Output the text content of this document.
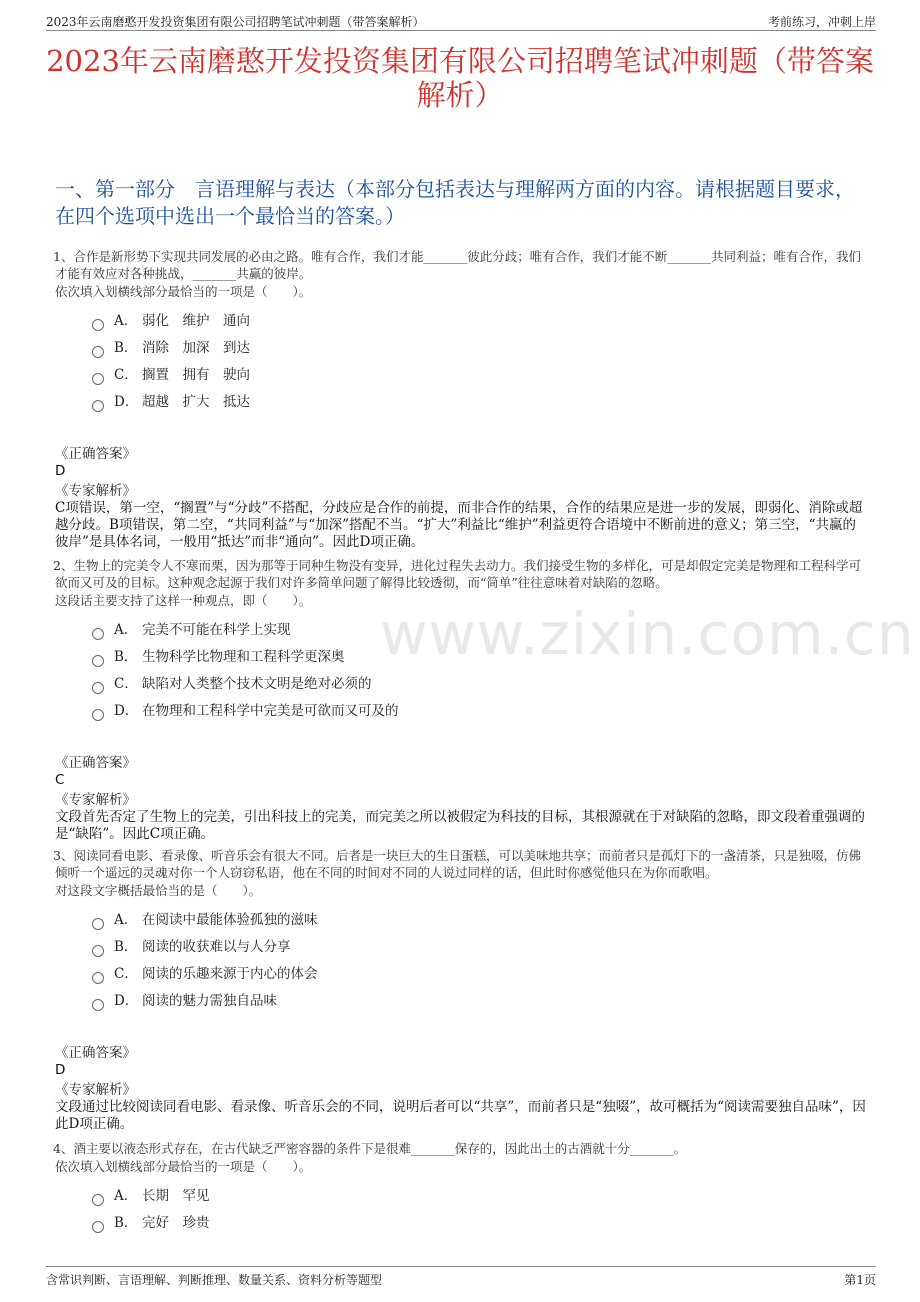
2023年云南磨憨开发投资集团有限公司招聘笔试冲刺题（带答案解析）	考前练习，冲刺上岸
2023年云南磨憨开发投资集团有限公司招聘笔试冲刺题（带答案解析）
一、第一部分　言语理解与表达（本部分包括表达与理解两方面的内容。请根据题目要求，在四个选项中选出一个最恰当的答案。）
www.zixin.com.cn
1、合作是新形势下实现共同发展的必由之路。唯有合作，我们才能_______彼此分歧；唯有合作，我们才能不断_______共同利益；唯有合作，我们才能有效应对各种挑战，_______共赢的彼岸。
依次填入划横线部分最恰当的一项是（　　）。
A． 弱化　维护　通向
B． 消除　加深　到达
C． 搁置　拥有　驶向
D． 超越　扩大　抵达
《正确答案》
D
《专家解析》
C项错误，第一空，“搁置”与“分歧”不搭配，分歧应是合作的前提，而非合作的结果，合作的结果应是进一步的发展，即弱化、消除或超越分歧。B项错误，第二空，“共同利益”与“加深”搭配不当。“扩大”利益比“维护”利益更符合语境中不断前进的意义；第三空，“共赢的彼岸”是具体名词，一般用“抵达”而非“通向”。因此D项正确。
2、生物上的完美令人不寒而栗，因为那等于同种生物没有变异，进化过程失去动力。我们接受生物的多样化，可是却假定完美是物理和工程科学可欲而又可及的目标。这种观念起源于我们对许多简单问题了解得比较透彻，而“简单”往往意味着对缺陷的忽略。
这段话主要支持了这样一种观点，即（　　）。
A． 完美不可能在科学上实现
B． 生物科学比物理和工程科学更深奥
C． 缺陷对人类整个技术文明是绝对必须的
D． 在物理和工程科学中完美是可欲而又可及的
《正确答案》
C
《专家解析》
文段首先否定了生物上的完美，引出科技上的完美，而完美之所以被假定为科技的目标，其根源就在于对缺陷的忽略，即文段着重强调的是“缺陷”。因此C项正确。
3、阅读同看电影、看录像、听音乐会有很大不同。后者是一块巨大的生日蛋糕，可以美味地共享；而前者只是孤灯下的一盏清茶，只是独啜，仿佛倾听一个遥远的灵魂对你一个人窃窃私语，他在不同的时间对不同的人说过同样的话，但此时你感觉他只在为你而歌唱。
对这段文字概括最恰当的是（　　）。
A． 在阅读中最能体验孤独的滋味
B． 阅读的收获难以与人分享
C． 阅读的乐趣来源于内心的体会
D． 阅读的魅力需独自品味
《正确答案》
D
《专家解析》
文段通过比较阅读同看电影、看录像、听音乐会的不同，说明后者可以“共享”，而前者只是“独啜”，故可概括为“阅读需要独自品味”，因此D项正确。
4、酒主要以液态形式存在，在古代缺乏严密容器的条件下是很难_______保存的，因此出土的古酒就十分_______。
依次填入划横线部分最恰当的一项是（　　）。
A． 长期　罕见
B． 完好　珍贵
含常识判断、言语理解、判断推理、数量关系、资料分析等题型	第1页
